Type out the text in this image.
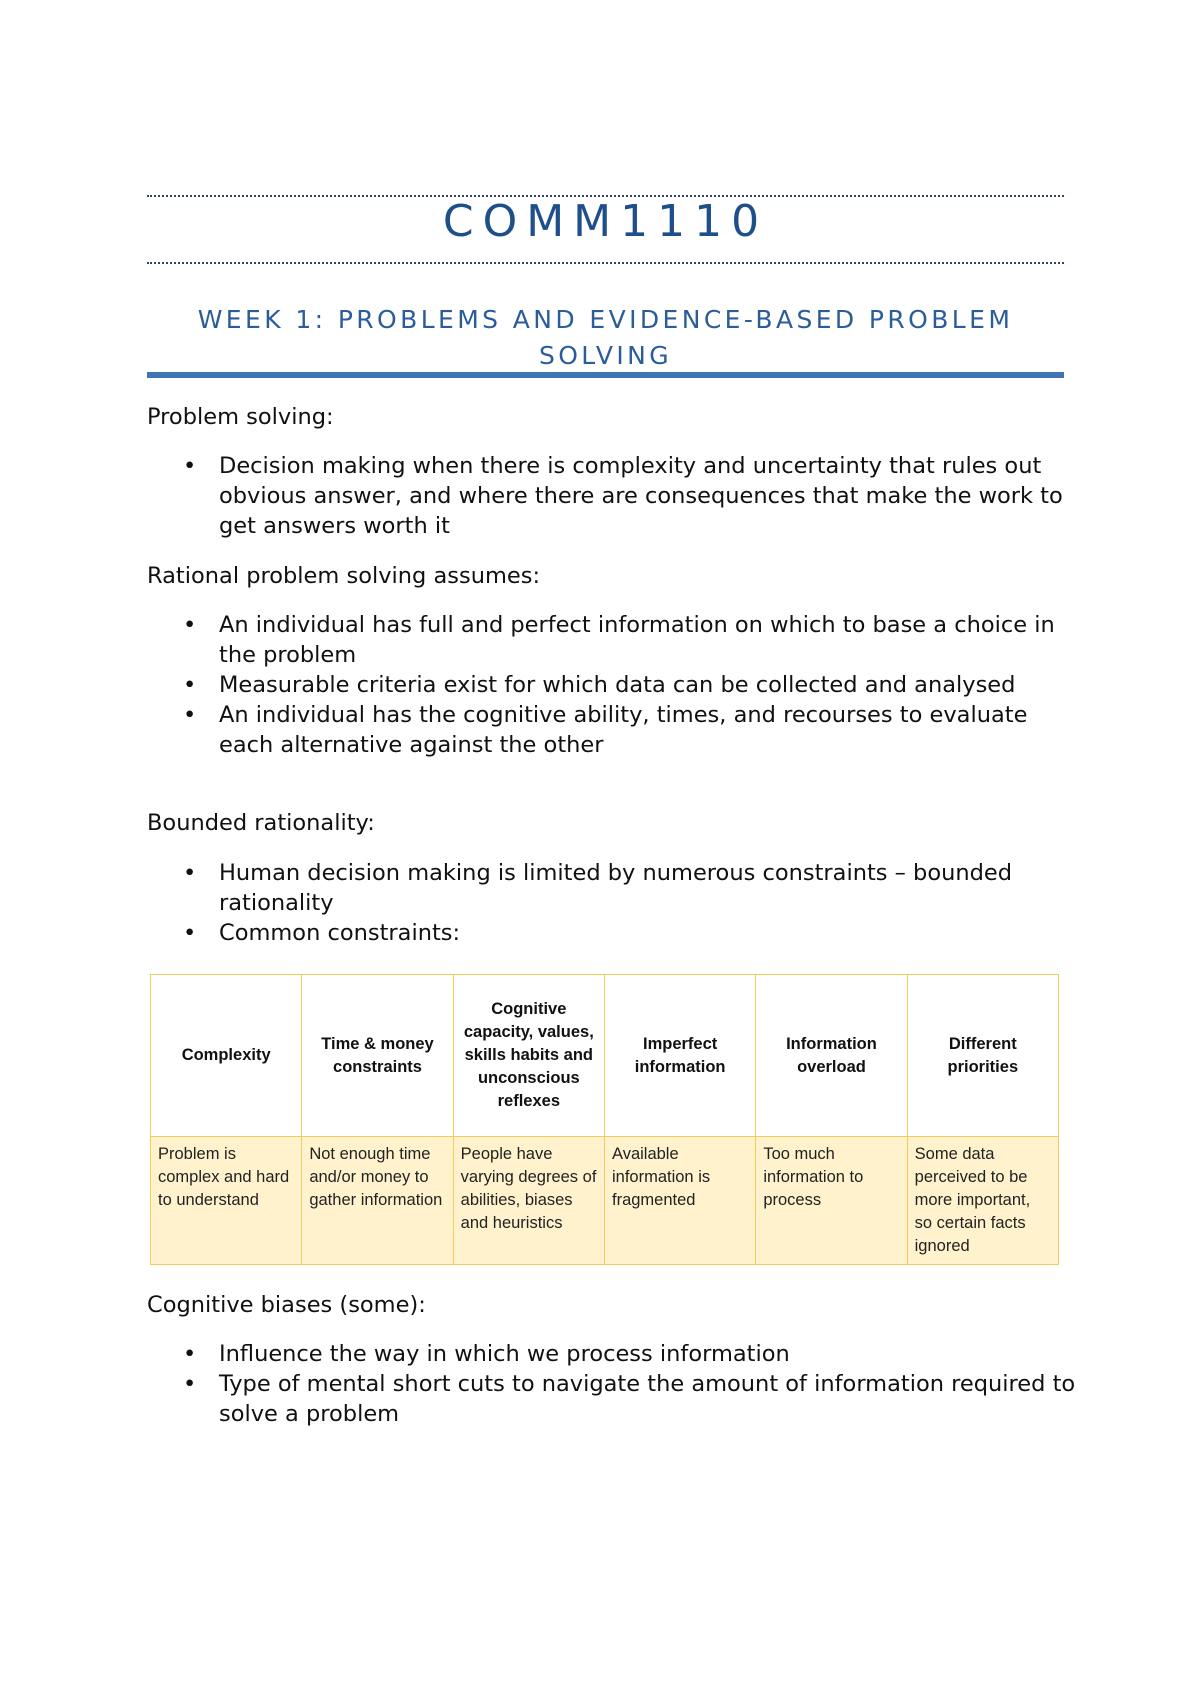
COMM1110
WEEK 1: PROBLEMS AND EVIDENCE-BASED PROBLEM SOLVING
Problem solving:
• Decision making when there is complexity and uncertainty that rules out obvious answer, and where there are consequences that make the work to get answers worth it
Rational problem solving assumes:
• An individual has full and perfect information on which to base a choice in the problem
• Measurable criteria exist for which data can be collected and analysed
• An individual has the cognitive ability, times, and recourses to evaluate each alternative against the other
Bounded rationality:
• Human decision making is limited by numerous constraints – bounded rationality
• Common constraints:
Complexity	Time & money constraints	Cognitive capacity, values, skills habits and unconscious reflexes	Imperfect information	Information overload	Different priorities
Problem is complex and hard to understand	Not enough time and/or money to gather information	People have varying degrees of abilities, biases and heuristics	Available information is fragmented	Too much information to process	Some data perceived to be more important, so certain facts ignored
Cognitive biases (some):
• Influence the way in which we process information
• Type of mental short cuts to navigate the amount of information required to solve a problem
